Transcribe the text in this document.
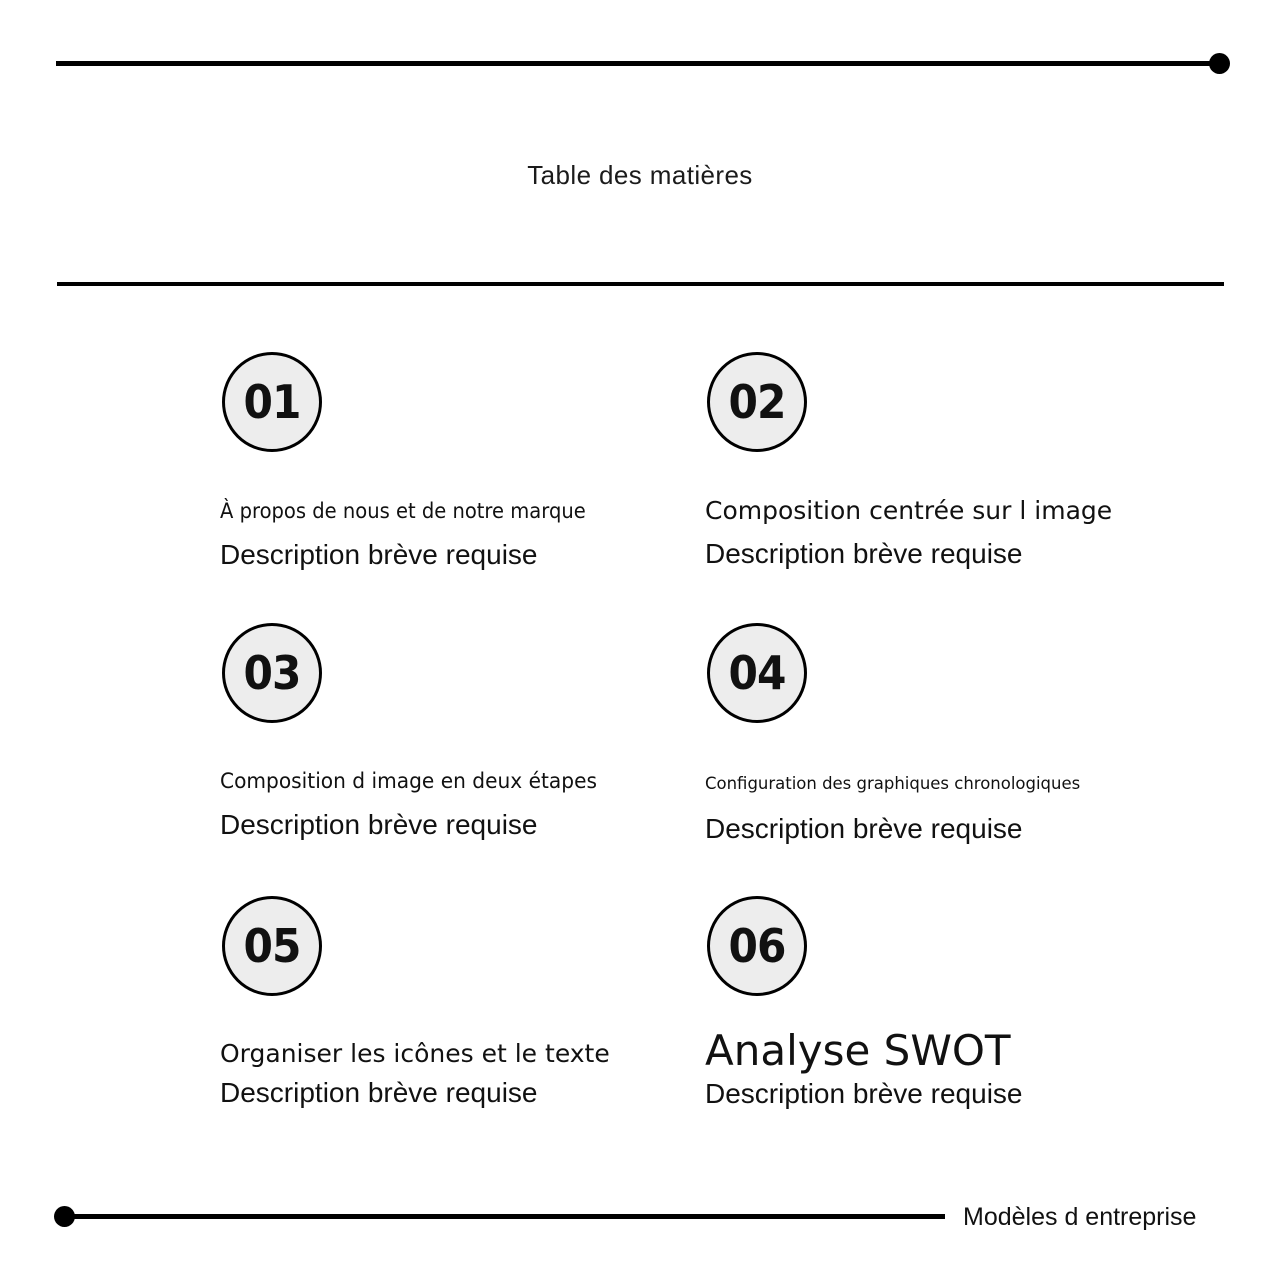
Table des matières
01
À propos de nous et de notre marque
Description brève requise
02
Composition centrée sur l image
Description brève requise
03
Composition d image en deux étapes
Description brève requise
04
Configuration des graphiques chronologiques
Description brève requise
05
Organiser les icônes et le texte
Description brève requise
06
Analyse SWOT
Description brève requise
Modèles d entreprise
